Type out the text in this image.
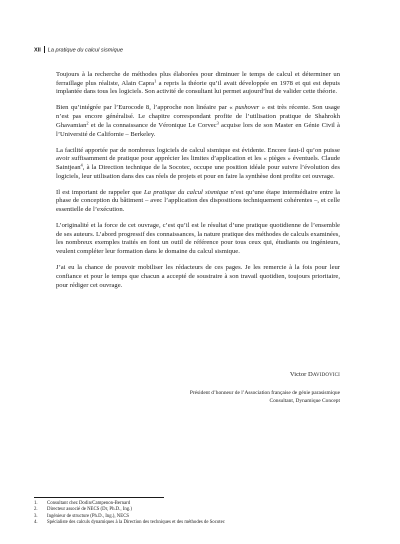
XII La pratique du calcul sismique

Toujours à la recherche de méthodes plus élaborées pour diminuer le temps de calcul et déterminer un ferraillage plus réaliste, Alain Capra$^1$ a repris la théorie qu’il avait développée en 1978 et qui est depuis implantée dans tous les logiciels. Son activité de consultant lui permet aujourd’hui de valider cette théorie.

Bien qu’intégrée par l’Eurocode 8, l’approche non linéaire par « pushover » est très récente. Son usage n’est pas encore généralisé. Le chapitre correspondant profite de l’utilisation pratique de Shahrokh Ghavamian$^2$ et de la connaissance de Véronique Le Corvec$^3$ acquise lors de son Master en Génie Civil à l’Université de Californie – Berkeley.

La facilité apportée par de nombreux logiciels de calcul sismique est évidente. Encore faut-il qu’on puisse avoir suffisamment de pratique pour apprécier les limites d’application et les « pièges » éventuels. Claude Saintjean$^4$, à la Direction technique de la Socotec, occupe une position idéale pour suivre l’évolution des logiciels, leur utilisation dans des cas réels de projets et pour en faire la synthèse dont profite cet ouvrage.

Il est important de rappeler que La pratique du calcul sismique n’est qu’une étape intermédiaire entre la phase de conception du bâtiment – avec l’application des dispositions techniquement cohérentes –, et celle essentielle de l’exécution.

L’originalité et la force de cet ouvrage, c’est qu’il est le résultat d’une pratique quotidienne de l’ensemble de ses auteurs. L’abord progressif des connaissances, la nature pratique des méthodes de calculs examinées, les nombreux exemples traités en font un outil de référence pour tous ceux qui, étudiants ou ingénieurs, veulent compléter leur formation dans le domaine du calcul sismique.

J’ai eu la chance de pouvoir mobiliser les rédacteurs de ces pages. Je les remercie à la fois pour leur confiance et pour le temps que chacun a accepté de soustraire à son travail quotidien, toujours prioritaire, pour rédiger cet ouvrage.

Victor Davidovici
Président d’honneur de l’Association française de génie parasismique
Consultant, Dynamique Concept
1.	Consultant chez Dodin/Campenon-Bernard
2.	Directeur associé de NECS (Dr, Ph.D., Ing.)
3.	Ingénieur de structure (Ph.D., Ing.), NECS
4.	Spécialiste des calculs dynamiques à la Direction des techniques et des méthodes de Socotec
